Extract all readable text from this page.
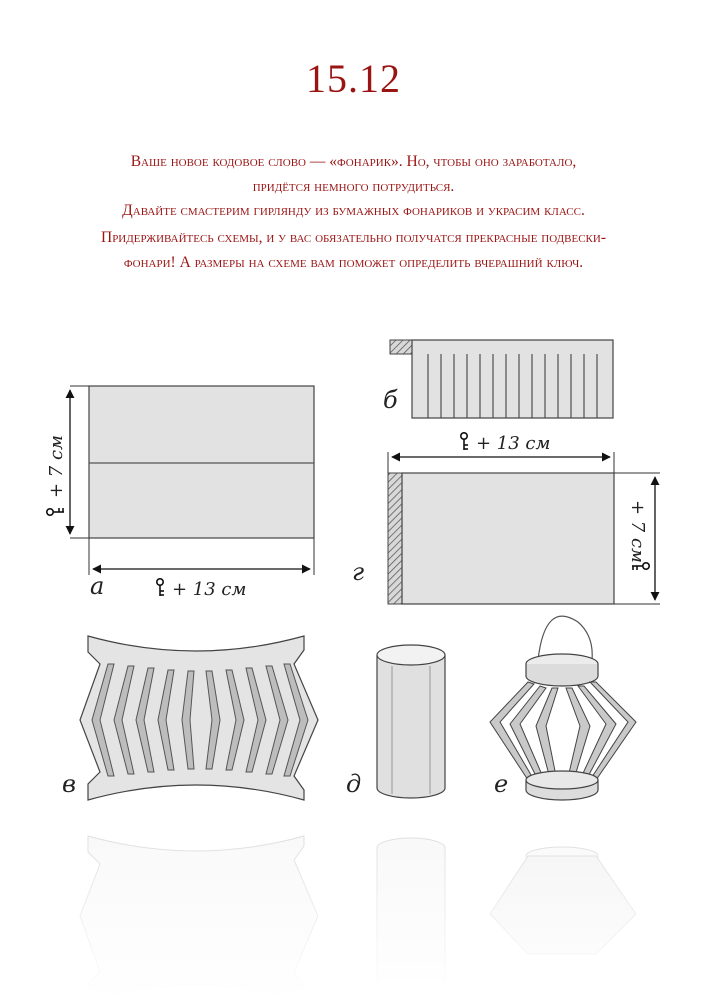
15.12

Ваше новое кодовое слово — «фонарик». Но, чтобы оно заработало,

придётся немного потрудиться.

Давайте смастерим гирлянду из бумажных фонариков и украсим класс.

Придерживайтесь схемы, и у вас обязательно получатся прекрасные подвески-

фонари! А размеры на схеме вам поможет определить вчерашний ключ.

+ 13 см
+ 7 см
а
б
+ 13 см
+ 7 см
г
в	д	е
